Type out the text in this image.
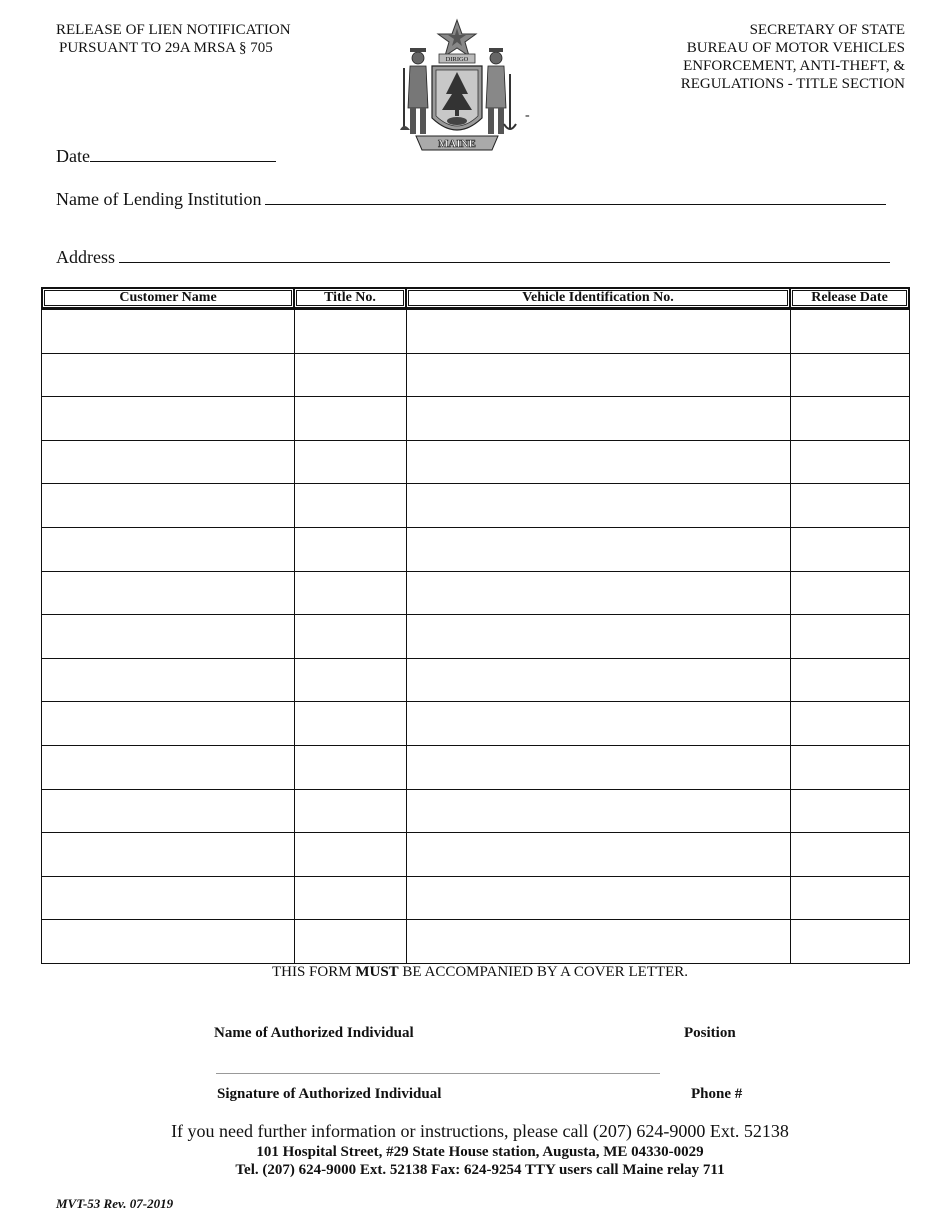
RELEASE OF LIEN NOTIFICATION
PURSUANT TO 29A MRSA § 705
SECRETARY OF STATE
BUREAU OF MOTOR VEHICLES
ENFORCEMENT, ANTI-THEFT, &
REGULATIONS - TITLE SECTION
DIRIGO
MAINE
-
Date
Name of Lending Institution
Address
Customer Name	Title No.	Vehicle Identification No.	Release Date

THIS FORM MUST BE ACCOMPANIED BY A COVER LETTER.
Name of Authorized Individual	Position
Signature of Authorized Individual	Phone #
If you need further information or instructions, please call (207) 624-9000 Ext. 52138
101 Hospital Street, #29 State House station, Augusta, ME 04330-0029
Tel. (207) 624-9000 Ext. 52138 Fax: 624-9254 TTY users call Maine relay 711
MVT-53 Rev. 07-2019
